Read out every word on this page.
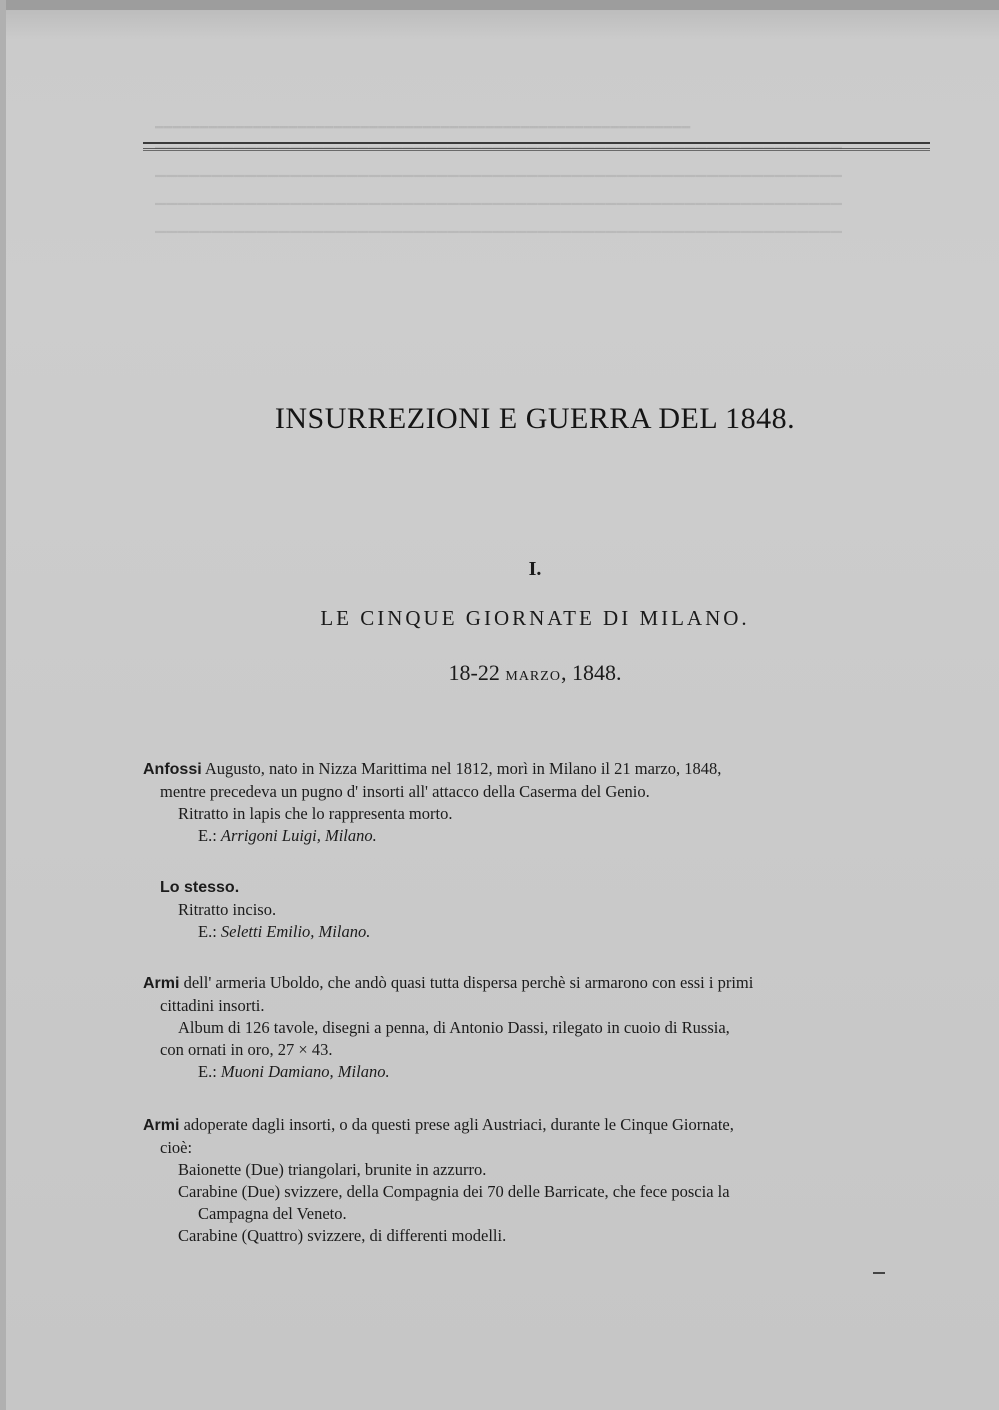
━━━━━━━━━━━━━━━━━━━━━━━━━━━━━━━━━━━━━━━━━━━━━━━━━━━━━━━━━━━━
▔▔▔▔▔▔▔▔▔▔▔▔▔▔▔▔▔▔▔▔▔▔▔▔▔▔▔▔▔▔▔▔▔▔▔▔▔▔▔▔▔▔▔▔▔▔▔▔▔▔▔▔▔▔▔▔▔▔▔▔▔
▔▔▔▔▔▔▔▔▔▔▔▔▔▔▔▔▔▔▔▔▔▔▔▔▔▔▔▔▔▔▔▔▔▔▔▔▔▔▔▔▔▔▔▔▔▔▔▔▔▔▔▔▔▔▔▔▔▔▔▔▔
▔▔▔▔▔▔▔▔▔▔▔▔▔▔▔▔▔▔▔▔▔▔▔▔▔▔▔▔▔▔▔▔▔▔▔▔▔▔▔▔▔▔▔▔▔▔▔▔▔▔▔▔▔▔▔▔▔▔▔▔▔
▔▔▔▔▔▔▔▔▔▔▔▔▔▔▔▔▔▔▔▔▔▔▔▔▔▔▔▔▔▔▔▔▔▔▔▔▔▔▔▔▔▔▔▔▔▔▔▔▔▔▔▔▔▔▔▔▔▔▔▔▔
INSURREZIONI E GUERRA DEL 1848.
I.
LE CINQUE GIORNATE DI MILANO.
18-22 MARZO, 1848.

Anfossi Augusto, nato in Nizza Marittima nel 1812, morì in Milano il 21 marzo, 1848,

mentre precedeva un pugno d' insorti all' attacco della Caserma del Genio.

Ritratto in lapis che lo rappresenta morto.

E.: Arrigoni Luigi, Milano.

Lo stesso.

Ritratto inciso.

E.: Seletti Emilio, Milano.

Armi dell' armeria Uboldo, che andò quasi tutta dispersa perchè si armarono con essi i primi

cittadini insorti.

Album di 126 tavole, disegni a penna, di Antonio Dassi, rilegato in cuoio di Russia,

con ornati in oro, 27 × 43.

E.: Muoni Damiano, Milano.

Armi adoperate dagli insorti, o da questi prese agli Austriaci, durante le Cinque Giornate,

cioè:

Baionette (Due) triangolari, brunite in azzurro.

Carabine (Due) svizzere, della Compagnia dei 70 delle Barricate, che fece poscia la

Campagna del Veneto.

Carabine (Quattro) svizzere, di differenti modelli.
